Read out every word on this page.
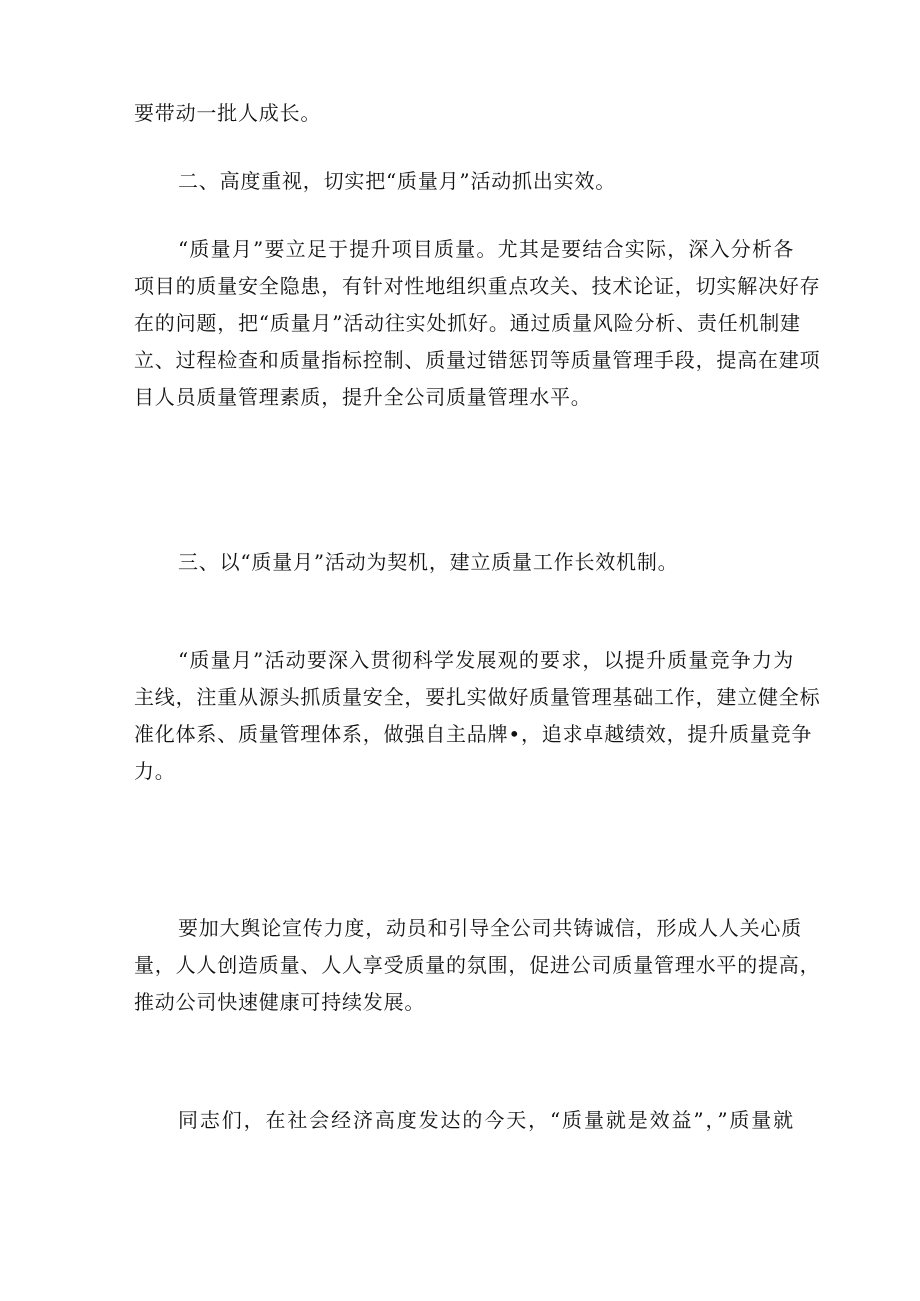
要带动一批人成长。
二、高度重视，切实把“质量月”活动抓出实效。
“质量月”要立足于提升项目质量。尤其是要结合实际，深入分析各
项目的质量安全隐患，有针对性地组织重点攻关、技术论证，切实解决好存
在的问题，把“质量月”活动往实处抓好。通过质量风险分析、责任机制建
立、过程检查和质量指标控制、质量过错惩罚等质量管理手段，提高在建项
目人员质量管理素质，提升全公司质量管理水平。
三、以“质量月”活动为契机，建立质量工作长效机制。
“质量月”活动要深入贯彻科学发展观的要求，以提升质量竞争力为
主线，注重从源头抓质量安全，要扎实做好质量管理基础工作，建立健全标
准化体系、质量管理体系，做强自主品牌•，追求卓越绩效，提升质量竞争
力。
要加大舆论宣传力度，动员和引导全公司共铸诚信，形成人人关心质
量，人人创造质量、人人享受质量的氛围，促进公司质量管理水平的提高，
推动公司快速健康可持续发展。
同志们，在社会经济高度发达的今天，“质量就是效益”，”质量就
